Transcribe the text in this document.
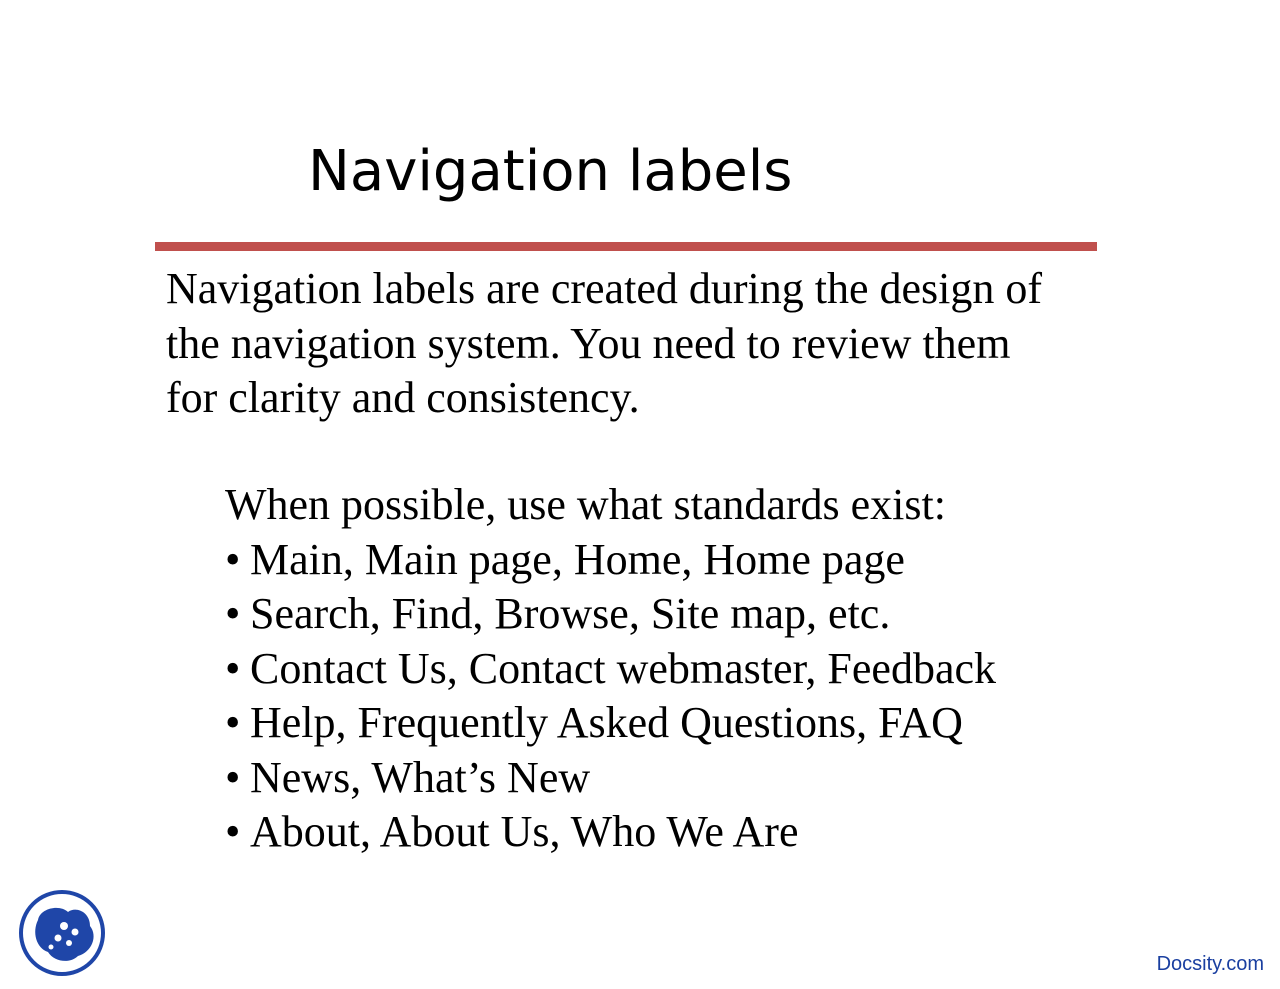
Navigation labels

Navigation labels are created during the design of
the navigation system. You need to review them
for clarity and consistency.

When possible, use what standards exist:

• Main, Main page, Home, Home page
• Search, Find, Browse, Site map, etc.
• Contact Us, Contact webmaster, Feedback
• Help, Frequently Asked Questions, FAQ
• News, What’s New
• About, About Us, Who We Are
Docsity.com
